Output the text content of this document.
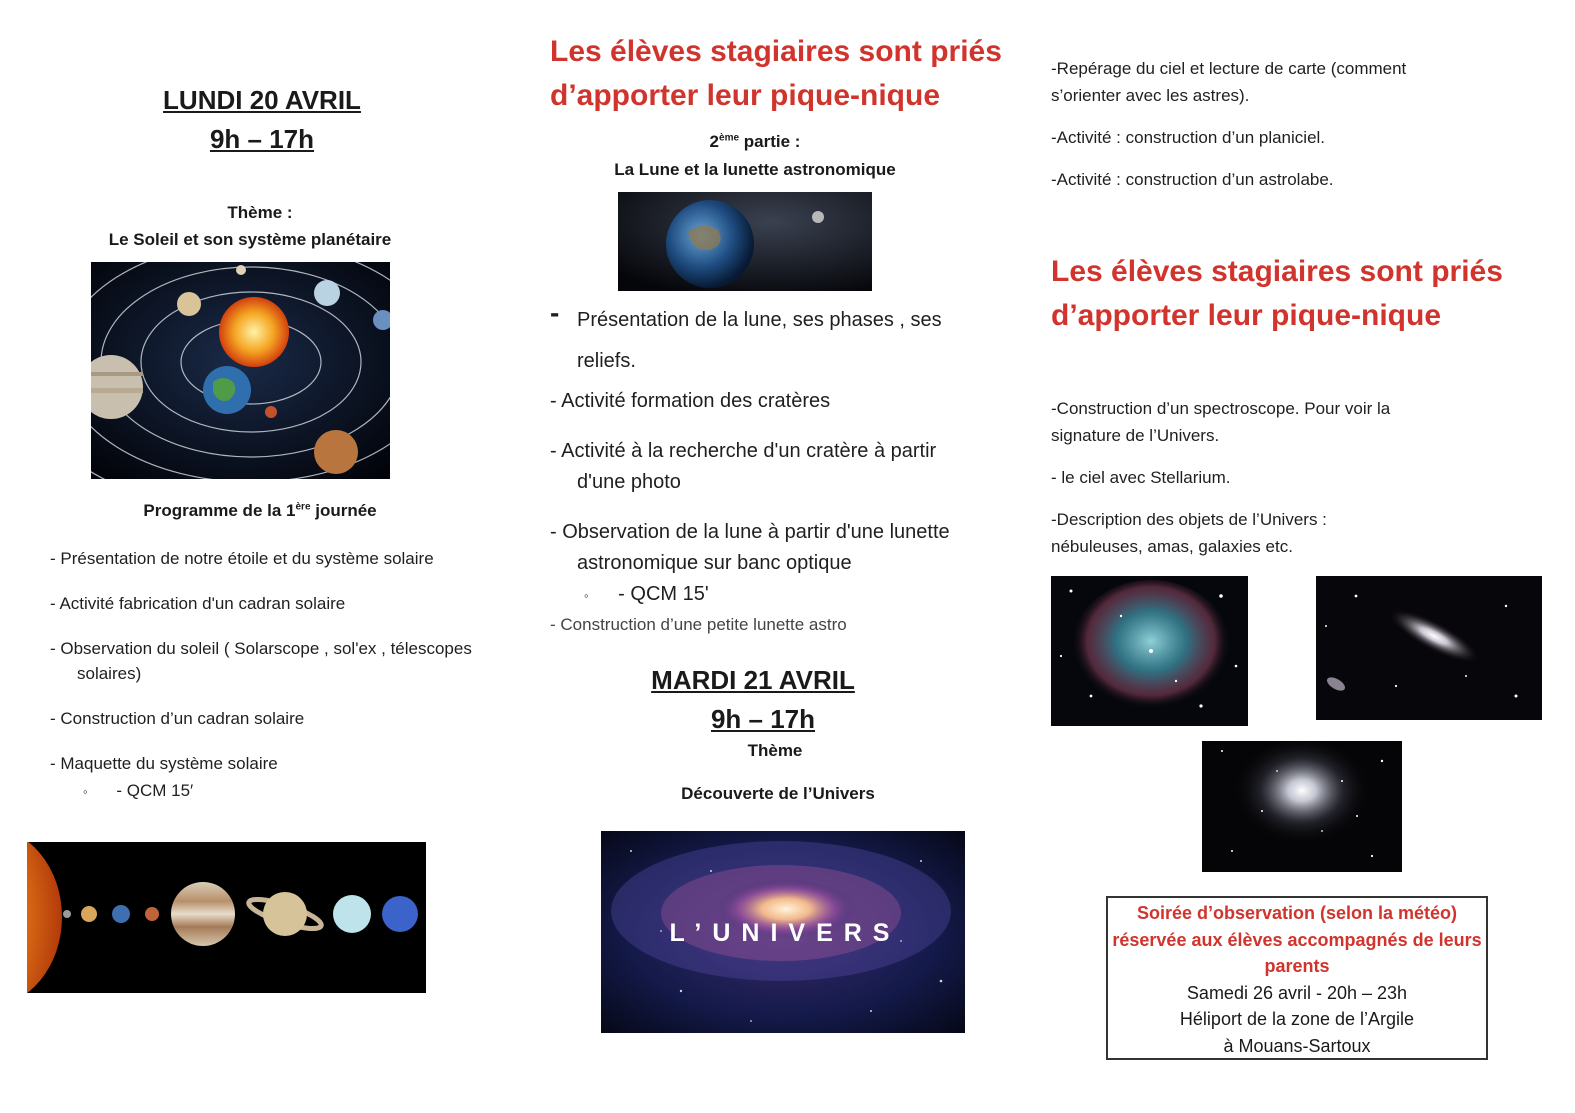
LUNDI 20 AVRIL
9h – 17h
Thème :
Le Soleil et son système planétaire
Programme de la 1ère journée
- Présentation de notre étoile et du système solaire
- Activité fabrication d'un cadran solaire
- Observation du soleil ( Solarscope , sol'ex , télescopes
solaires)
- Construction d’un cadran solaire
- Maquette du système solaire
◦ - QCM 15′
Les élèves stagiaires sont priés
d’apporter leur pique-nique
2ème partie :
La Lune et la lunette astronomique
- Présentation de la lune, ses phases , ses
reliefs.
- Activité formation des cratères
- Activité à la recherche d'un cratère à partir
d'une photo
- Observation de la lune à partir d'une lunette
astronomique sur banc optique
◦ - QCM 15'
- Construction d’une petite lunette astro
MARDI 21 AVRIL
9h – 17h
Thème
Découverte de l’Univers
L’UNIVERS
-Repérage du ciel et lecture de carte (comment
s’orienter avec les astres).
-Activité : construction d’un planiciel.
-Activité : construction d’un astrolabe.
Les élèves stagiaires sont priés
d’apporter leur pique-nique
-Construction d’un spectroscope. Pour voir la
signature de l’Univers.
- le ciel avec Stellarium.
-Description des objets de l’Univers :
nébuleuses, amas, galaxies etc.
Soirée d’observation (selon la météo)
réservée aux élèves accompagnés de leurs
parents
Samedi 26 avril - 20h – 23h
Héliport de la zone de l’Argile
à Mouans-Sartoux
